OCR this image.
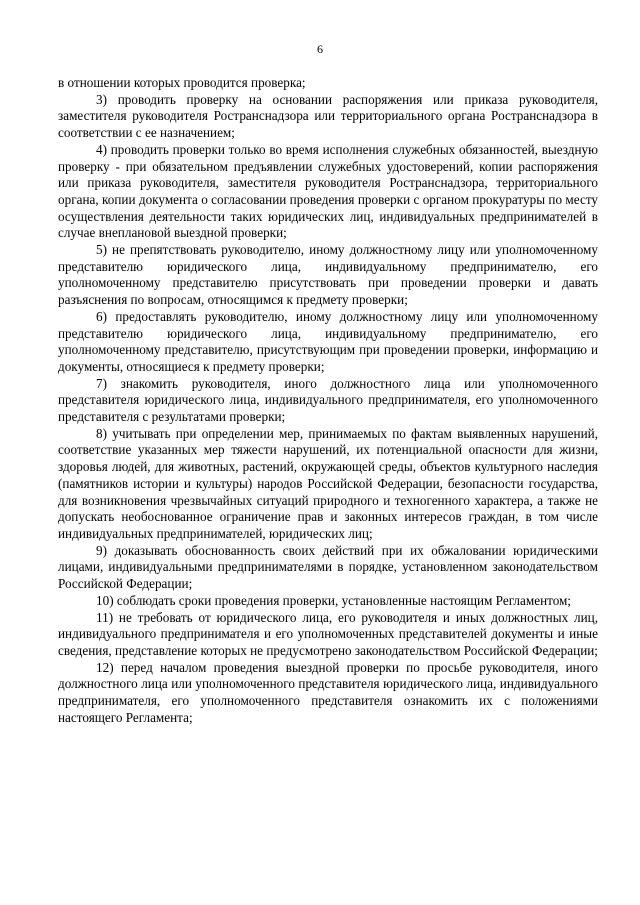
6

в отношении которых проводится проверка;

3) проводить проверку на основании распоряжения или приказа руководителя, заместителя руководителя Ространснадзора или территориального органа Ространснадзора в соответствии с ее назначением;

4) проводить проверки только во время исполнения служебных обязанностей, выездную проверку - при обязательном предъявлении служебных удостоверений, копии распоряжения или приказа руководителя, заместителя руководителя Ространснадзора, территориального органа, копии документа о согласовании проведения проверки с органом прокуратуры по месту осуществления деятельности таких юридических лиц, индивидуальных предпринимателей в случае внеплановой выездной проверки;

5) не препятствовать руководителю, иному должностному лицу или уполномоченному представителю юридического лица, индивидуальному предпринимателю, его уполномоченному представителю присутствовать при проведении проверки и давать разъяснения по вопросам, относящимся к предмету проверки;

6) предоставлять руководителю, иному должностному лицу или уполномоченному представителю юридического лица, индивидуальному предпринимателю, его уполномоченному представителю, присутствующим при проведении проверки, информацию и документы, относящиеся к предмету проверки;

7) знакомить руководителя, иного должностного лица или уполномоченного представителя юридического лица, индивидуального предпринимателя, его уполномоченного представителя с результатами проверки;

8) учитывать при определении мер, принимаемых по фактам выявленных нарушений, соответствие указанных мер тяжести нарушений, их потенциальной опасности для жизни, здоровья людей, для животных, растений, окружающей среды, объектов культурного наследия (памятников истории и культуры) народов Российской Федерации, безопасности государства, для возникновения чрезвычайных ситуаций природного и техногенного характера, а также не допускать необоснованное ограничение прав и законных интересов граждан, в том числе индивидуальных предпринимателей, юридических лиц;

9) доказывать обоснованность своих действий при их обжаловании юридическими лицами, индивидуальными предпринимателями в порядке, установленном законодательством Российской Федерации;

10) соблюдать сроки проведения проверки, установленные настоящим Регламентом;

11) не требовать от юридического лица, его руководителя и иных должностных лиц, индивидуального предпринимателя и его уполномоченных представителей документы и иные сведения, представление которых не предусмотрено законодательством Российской Федерации;

12) перед началом проведения выездной проверки по просьбе руководителя, иного должностного лица или уполномоченного представителя юридического лица, индивидуального предпринимателя, его уполномоченного представителя ознакомить их с положениями настоящего Регламента;
